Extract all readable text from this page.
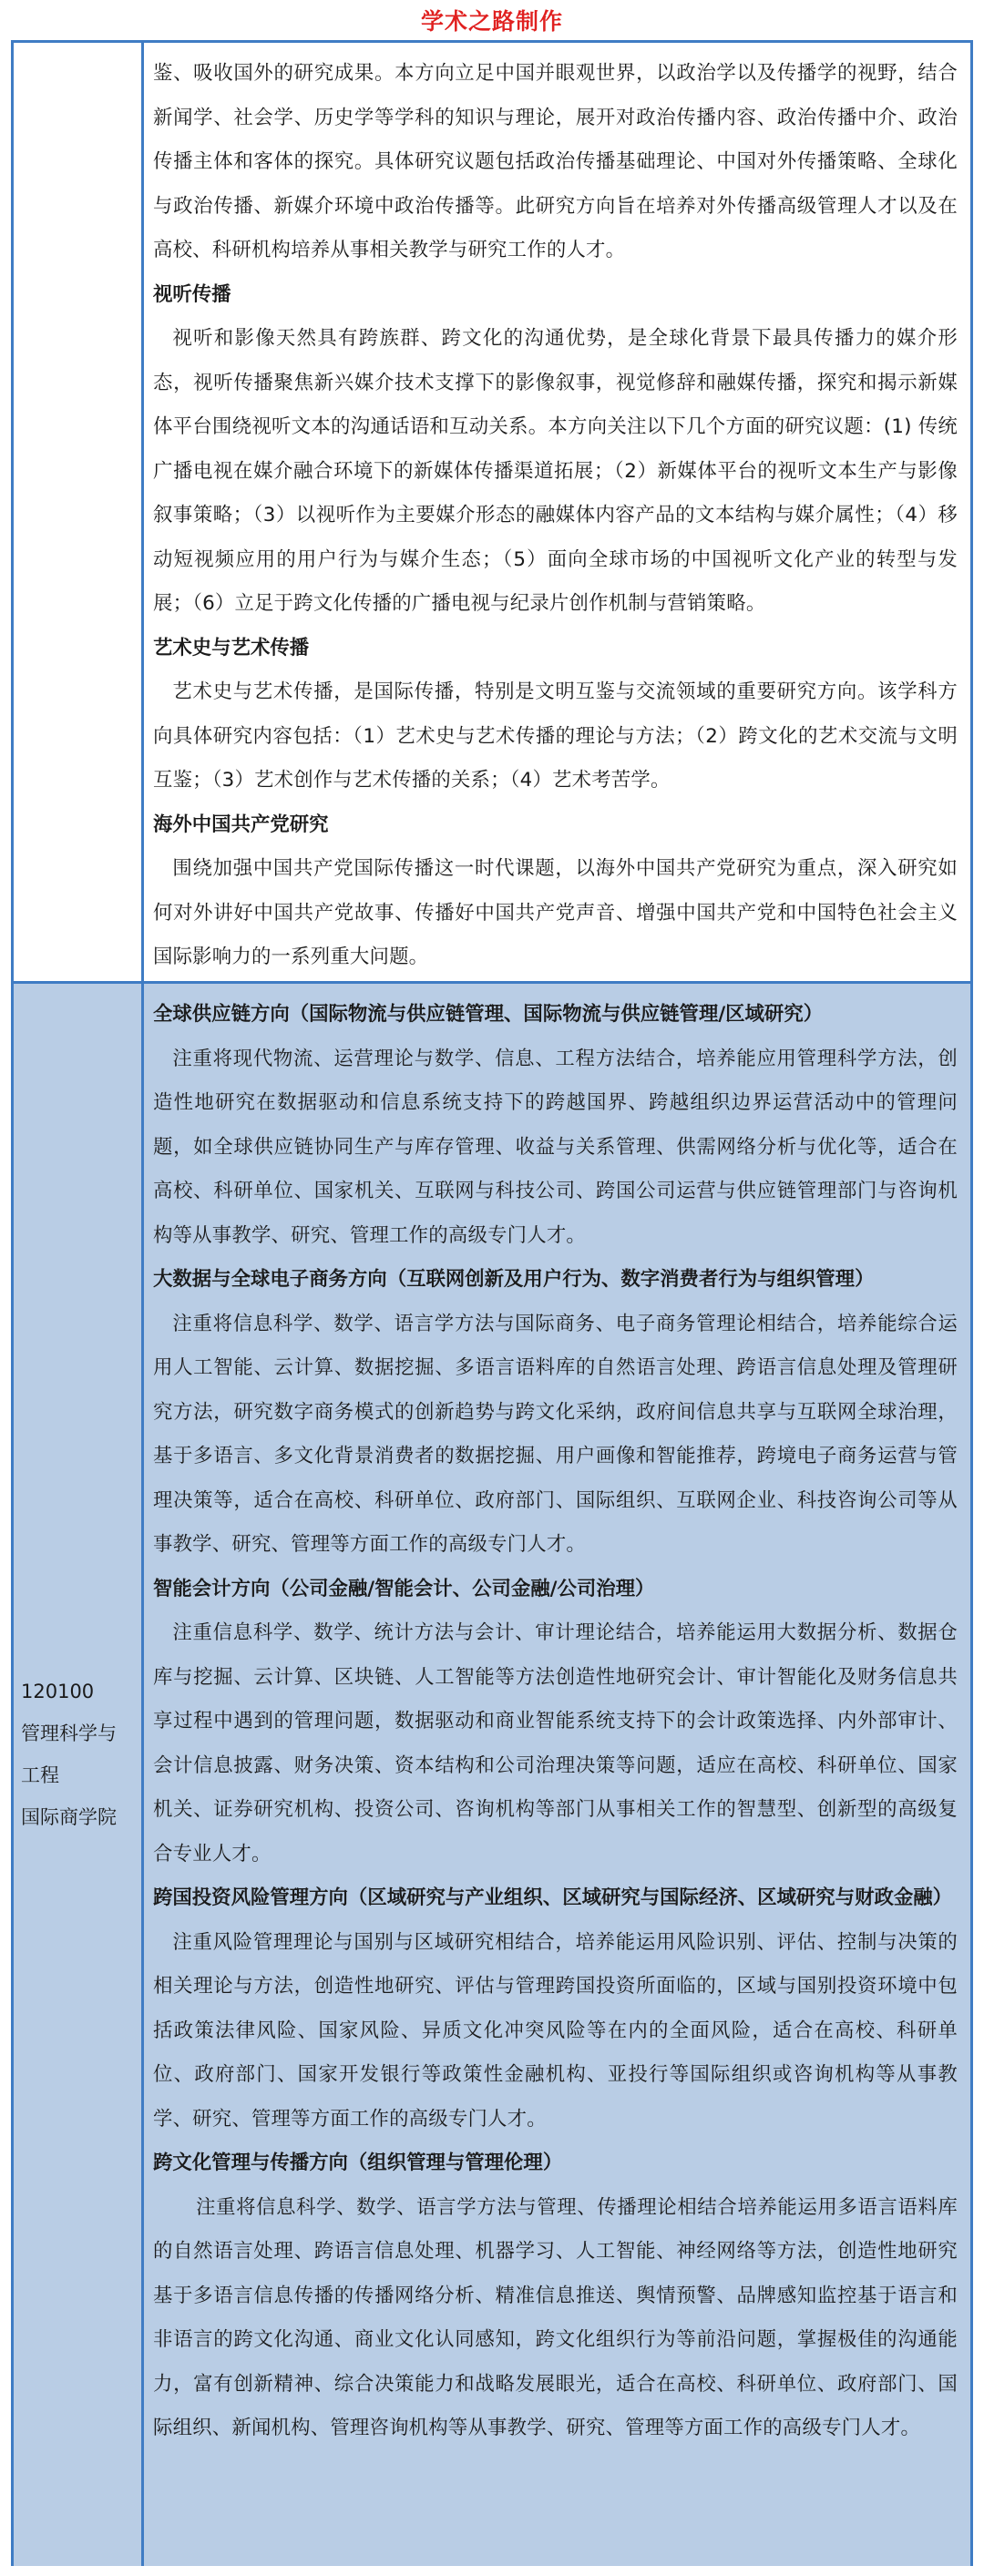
学术之路制作

鉴、吸收国外的研究成果。本方向立足中国并眼观世界，以政治学以及传播学的视野，结合新闻学、社会学、历史学等学科的知识与理论，展开对政治传播内容、政治传播中介、政治传播主体和客体的探究。具体研究议题包括政治传播基础理论、中国对外传播策略、全球化与政治传播、新媒介环境中政治传播等。此研究方向旨在培养对外传播高级管理人才以及在高校、科研机构培养从事相关教学与研究工作的人才。

视听传播

视听和影像天然具有跨族群、跨文化的沟通优势，是全球化背景下最具传播力的媒介形态，视听传播聚焦新兴媒介技术支撑下的影像叙事，视觉修辞和融媒传播，探究和揭示新媒体平台围绕视听文本的沟通话语和互动关系。本方向关注以下几个方面的研究议题：(1) 传统广播电视在媒介融合环境下的新媒体传播渠道拓展；（2）新媒体平台的视听文本生产与影像叙事策略；（3）以视听作为主要媒介形态的融媒体内容产品的文本结构与媒介属性；（4）移动短视频应用的用户行为与媒介生态；（5）面向全球市场的中国视听文化产业的转型与发展；（6）立足于跨文化传播的广播电视与纪录片创作机制与营销策略。

艺术史与艺术传播

艺术史与艺术传播，是国际传播，特别是文明互鉴与交流领域的重要研究方向。该学科方向具体研究内容包括：（1）艺术史与艺术传播的理论与方法；（2）跨文化的艺术交流与文明互鉴；（3）艺术创作与艺术传播的关系；（4）艺术考苦学。

海外中国共产党研究

围绕加强中国共产党国际传播这一时代课题，以海外中国共产党研究为重点，深入研究如何对外讲好中国共产党故事、传播好中国共产党声音、增强中国共产党和中国特色社会主义国际影响力的一系列重大问题。

120100
管理科学与
工程
国际商学院

全球供应链方向（国际物流与供应链管理、国际物流与供应链管理/区域研究）

注重将现代物流、运营理论与数学、信息、工程方法结合，培养能应用管理科学方法，创造性地研究在数据驱动和信息系统支持下的跨越国界、跨越组织边界运营活动中的管理问题，如全球供应链协同生产与库存管理、收益与关系管理、供需网络分析与优化等，适合在高校、科研单位、国家机关、互联网与科技公司、跨国公司运营与供应链管理部门与咨询机构等从事教学、研究、管理工作的高级专门人才。

大数据与全球电子商务方向（互联网创新及用户行为、数字消费者行为与组织管理）

注重将信息科学、数学、语言学方法与国际商务、电子商务管理论相结合，培养能综合运用人工智能、云计算、数据挖掘、多语言语料库的自然语言处理、跨语言信息处理及管理研究方法，研究数字商务模式的创新趋势与跨文化采纳，政府间信息共享与互联网全球治理，基于多语言、多文化背景消费者的数据挖掘、用户画像和智能推荐，跨境电子商务运营与管理决策等，适合在高校、科研单位、政府部门、国际组织、互联网企业、科技咨询公司等从事教学、研究、管理等方面工作的高级专门人才。

智能会计方向（公司金融/智能会计、公司金融/公司治理）

注重信息科学、数学、统计方法与会计、审计理论结合，培养能运用大数据分析、数据仓库与挖掘、云计算、区块链、人工智能等方法创造性地研究会计、审计智能化及财务信息共享过程中遇到的管理问题，数据驱动和商业智能系统支持下的会计政策选择、内外部审计、会计信息披露、财务决策、资本结构和公司治理决策等问题，适应在高校、科研单位、国家机关、证券研究机构、投资公司、咨询机构等部门从事相关工作的智慧型、创新型的高级复合专业人才。

跨国投资风险管理方向（区域研究与产业组织、区域研究与国际经济、区域研究与财政金融）

注重风险管理理论与国别与区域研究相结合，培养能运用风险识别、评估、控制与决策的相关理论与方法，创造性地研究、评估与管理跨国投资所面临的，区域与国别投资环境中包括政策法律风险、国家风险、异质文化冲突风险等在内的全面风险，适合在高校、科研单位、政府部门、国家开发银行等政策性金融机构、亚投行等国际组织或咨询机构等从事教学、研究、管理等方面工作的高级专门人才。

跨文化管理与传播方向（组织管理与管理伦理）

注重将信息科学、数学、语言学方法与管理、传播理论相结合培养能运用多语言语料库的自然语言处理、跨语言信息处理、机器学习、人工智能、神经网络等方法，创造性地研究基于多语言信息传播的传播网络分析、精准信息推送、舆情预警、品牌感知监控基于语言和非语言的跨文化沟通、商业文化认同感知，跨文化组织行为等前沿问题，掌握极佳的沟通能力，富有创新精神、综合决策能力和战略发展眼光，适合在高校、科研单位、政府部门、国际组织、新闻机构、管理咨询机构等从事教学、研究、管理等方面工作的高级专门人才。
